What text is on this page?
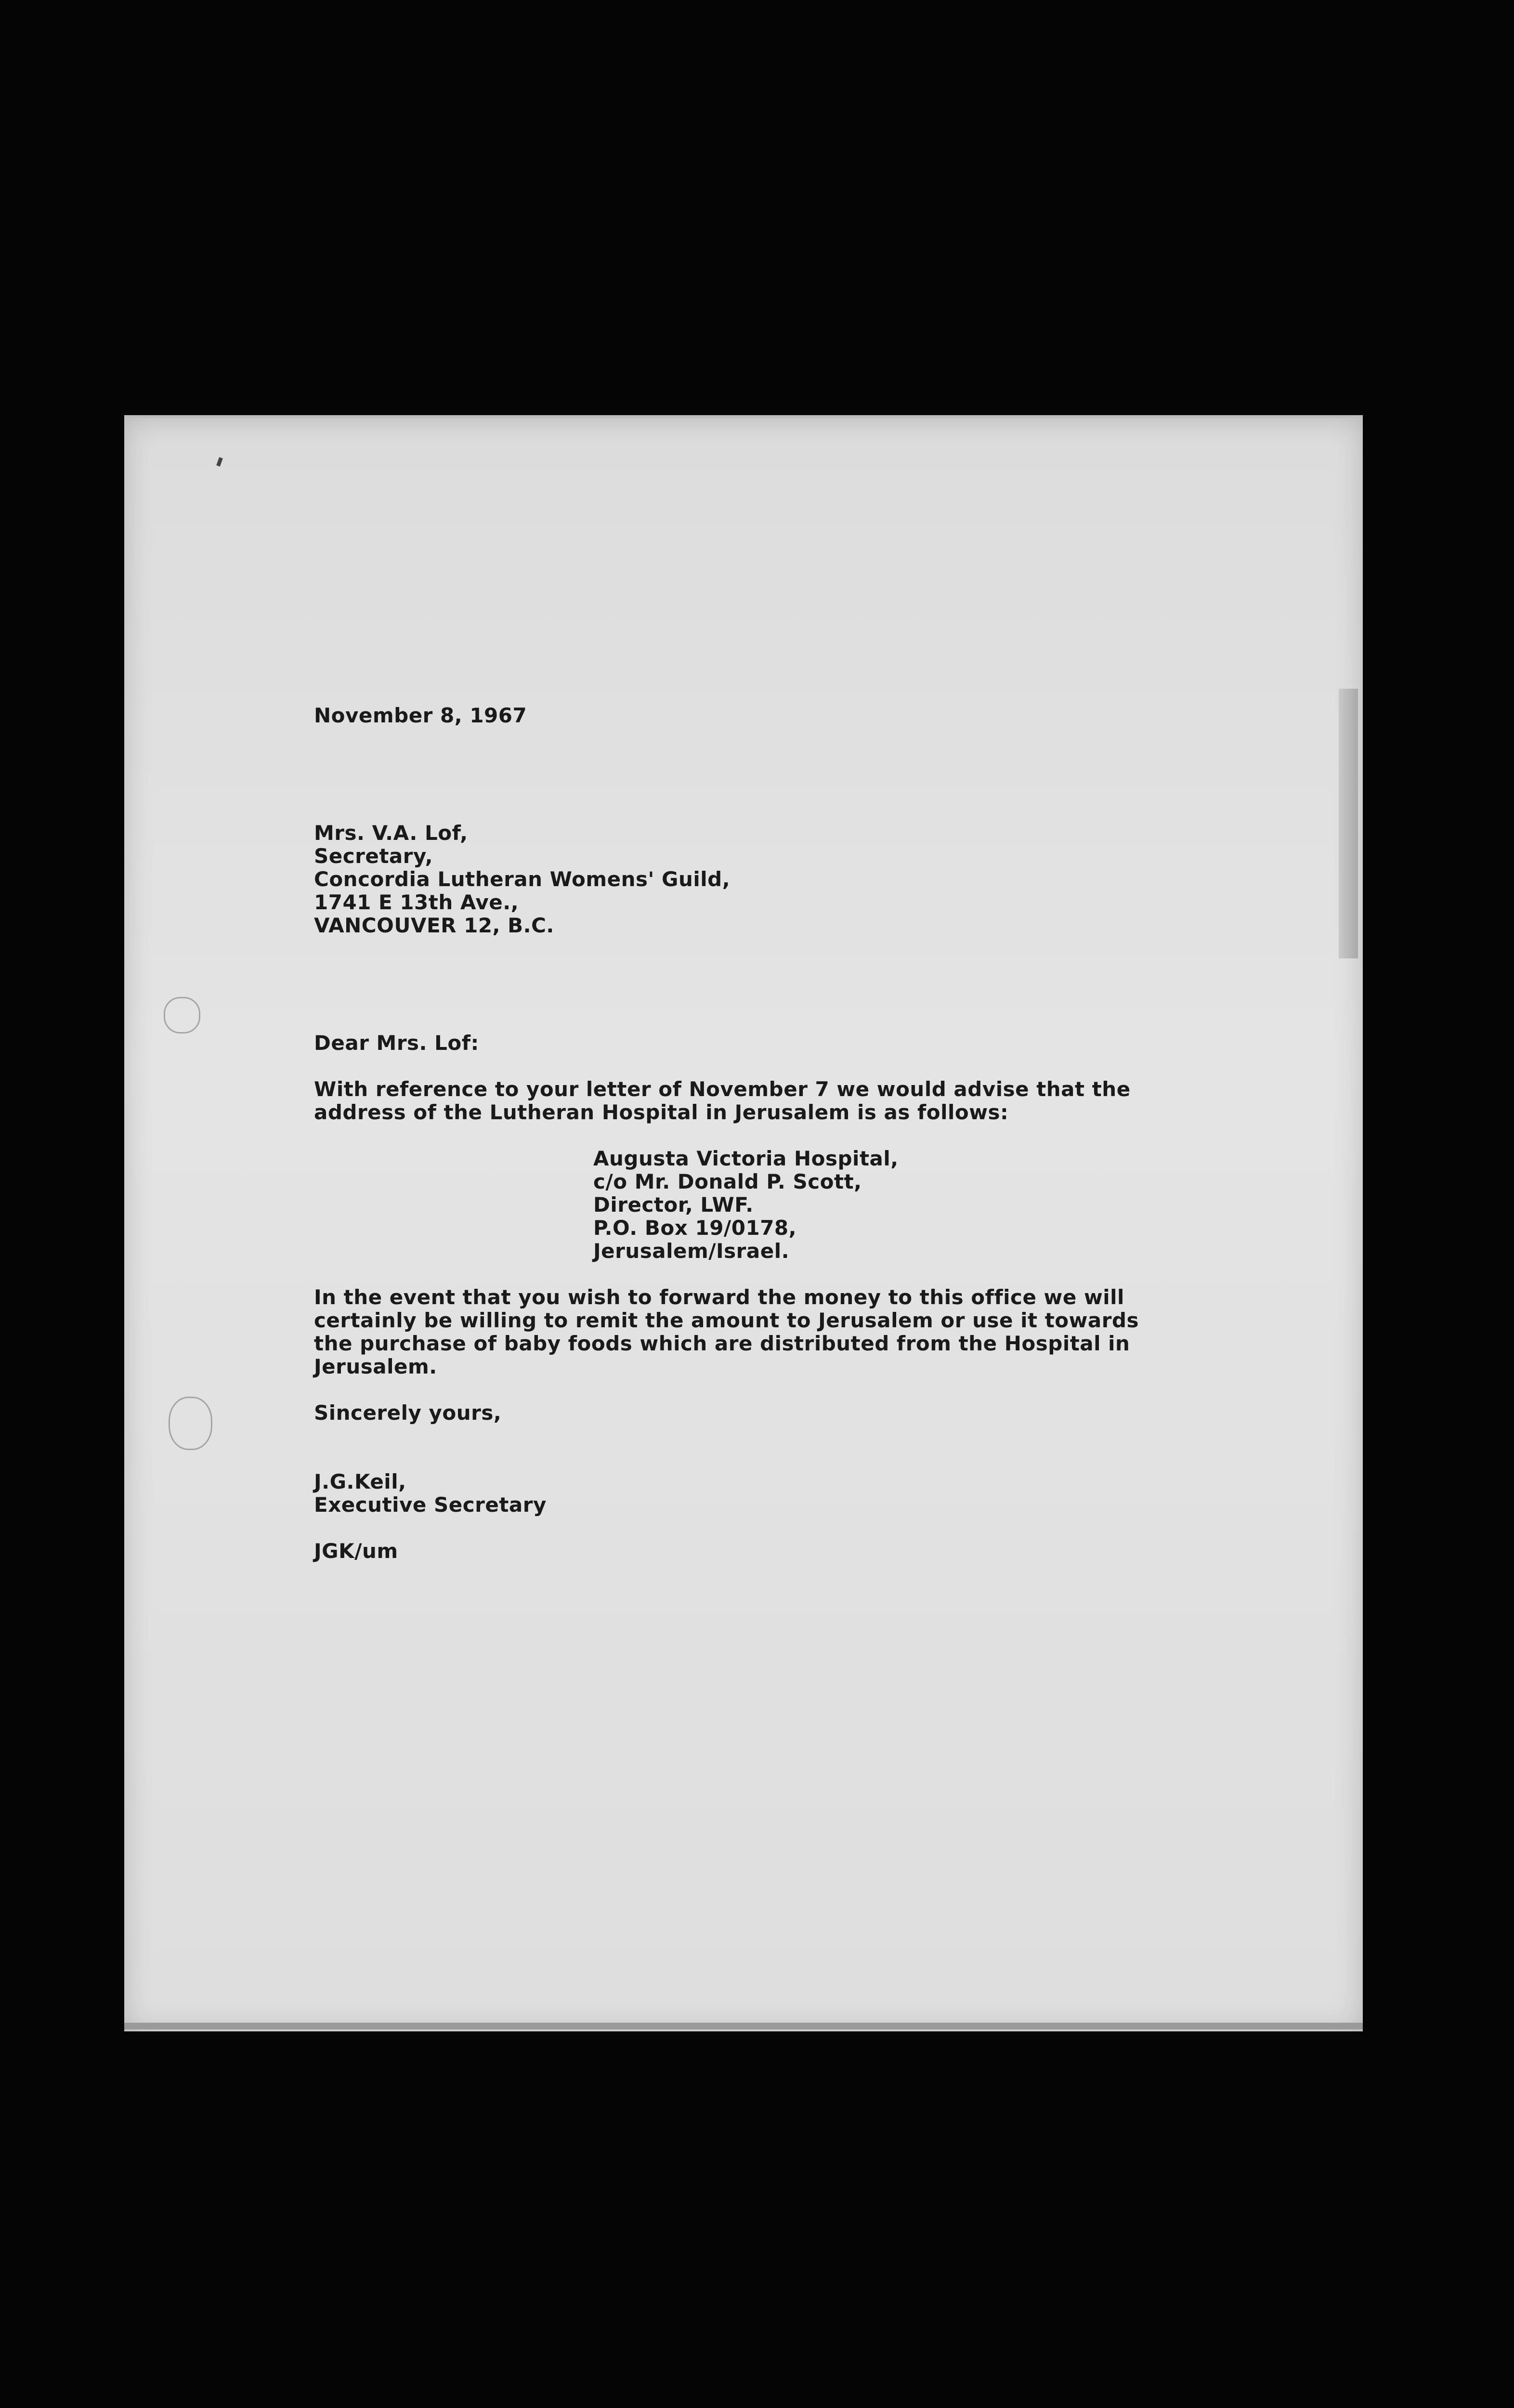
November 8, 1967
Mrs. V.A. Lof,
Secretary,
Concordia Lutheran Womens' Guild,
1741 E 13th Ave.,
VANCOUVER 12, B.C.
Dear Mrs. Lof:
With reference to your letter of November 7 we would advise that the
address of the Lutheran Hospital in Jerusalem is as follows:
Augusta Victoria Hospital,
c/o Mr. Donald P. Scott,
Director, LWF.
P.O. Box 19/0178,
Jerusalem/Israel.
In the event that you wish to forward the money to this office we will
certainly be willing to remit the amount to Jerusalem or use it towards
the purchase of baby foods which are distributed from the Hospital in
Jerusalem.
Sincerely yours,
J.G.Keil,
Executive Secretary
JGK/um
